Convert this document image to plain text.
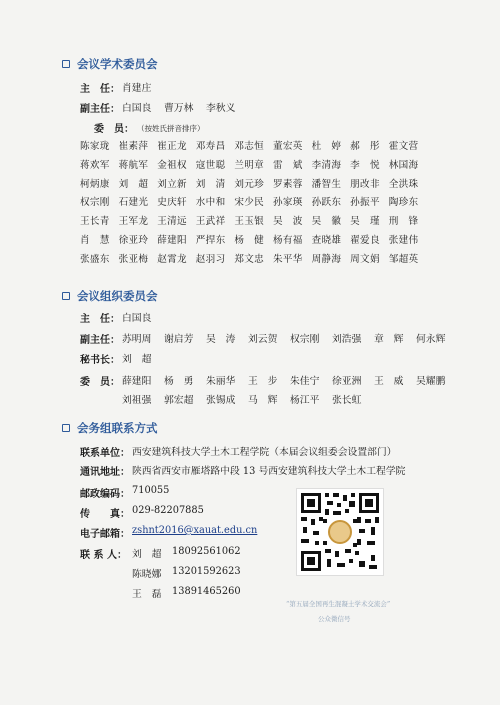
会议学术委员会
主　任： 肖建庄
副主任： 白国良	曹万林	李秋义
委　员： （按姓氏拼音排序）
陈家珑 崔素萍 崔正龙 邓寿昌 邓志恒 董宏英 杜　婷 郝　彤 霍文营
蒋欢军 蒋航军 金祖权 寇世聪 兰明章 雷　斌 李清海 李　悦 林国海
柯炳康 刘　超 刘立新 刘　清 刘元珍 罗素蓉 潘智生 朋改非 全洪珠
权宗刚 石建光 史庆轩 水中和 宋少民 孙家瑛 孙跃东 孙振平 陶珍东
王长青 王军龙 王清远 王武祥 王玉银 吴　波 吴　徽 吴　瑾 刑　锋
肖　慧 徐亚玲 薛建阳 严捍东 杨　健 杨有福 查晓雄 翟爱良 张建伟
张盛东 张亚梅 赵霄龙 赵羽习 郑文忠 朱平华 周静海 周文娟 邹超英
会议组织委员会
主　任： 白国良
副主任： 苏明周	谢启芳	吴　涛	刘云贺	权宗刚	刘浩强	章　辉	何永辉
秘书长： 刘　超
委　员： 薛建阳	杨　勇	朱丽华	王　步	朱佳宁	徐亚洲	王　威	吴耀鹏
刘祖强	郭宏超	张锡成	马　辉	杨江平	张长虹
会务组联系方式
联系单位： 西安建筑科技大学土木工程学院（本届会议组委会设置部门）
通讯地址： 陕西省西安市雁塔路中段 13 号西安建筑科技大学土木工程学院
邮政编码： 710055
传　　真： 029-82207885
电子邮箱： zshnt2016@xauat.edu.cn
联 系 人： 刘　超 18092561062
陈晓娜 13201592623
王　磊 13891465260
“第五届全国再生混凝土学术交流会”
公众微信号
